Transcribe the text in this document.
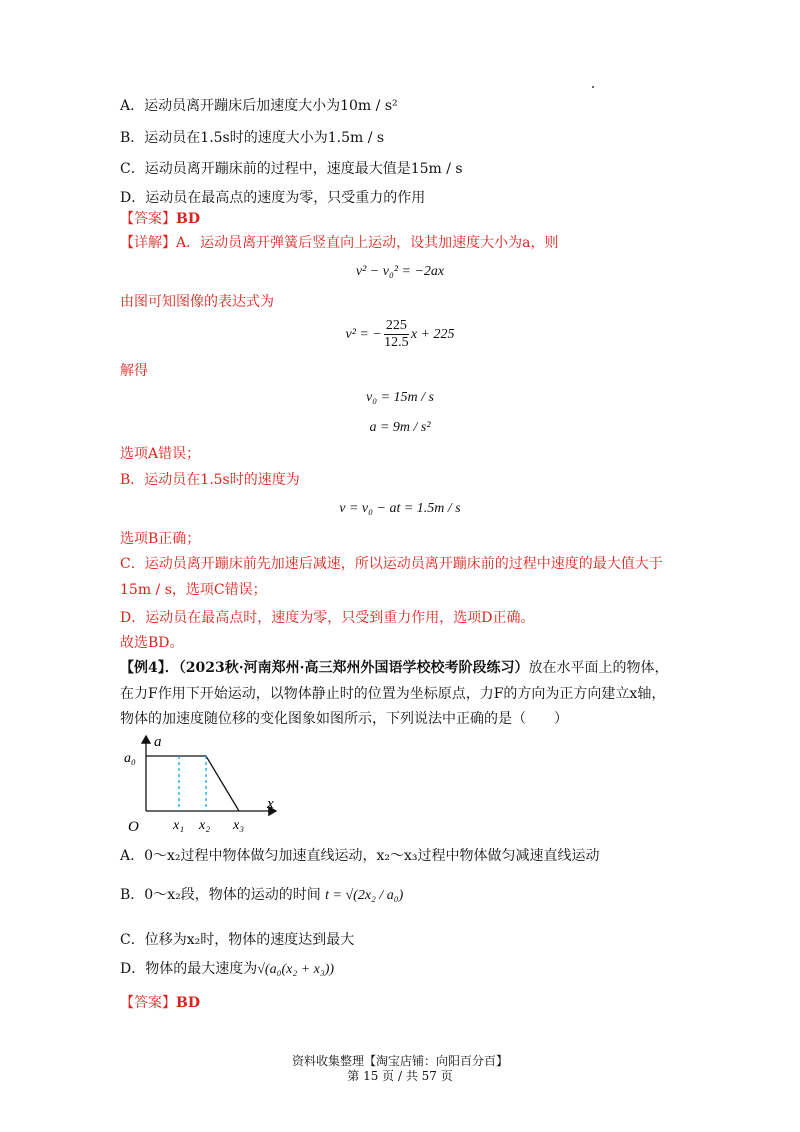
A．运动员离开蹦床后加速度大小为10m / s²
B．运动员在1.5s时的速度大小为1.5m / s
C．运动员离开蹦床前的过程中，速度最大值是15m / s
D．运动员在最高点的速度为零，只受重力的作用
【答案】BD
【详解】A．运动员离开弹簧后竖直向上运动，设其加速度大小为a，则
v² − v₀² = −2ax
由图可知图像的表达式为
v² = − $\frac{225}{12.5}$ x + 225
解得
v₀ = 15m / s
a = 9m / s²
选项A错误；
B．运动员在1.5s时的速度为
v = v₀ − at = 1.5m / s
选项B正确；
C．运动员离开蹦床前先加速后减速，所以运动员离开蹦床前的过程中速度的最大值大于
15m / s，选项C错误；
D．运动员在最高点时，速度为零，只受到重力作用，选项D正确。
故选BD。
【例4】．（2023秋·河南郑州·高三郑州外国语学校校考阶段练习）放在水平面上的物体，
在力F作用下开始运动，以物体静止时的位置为坐标原点，力F的方向为正方向建立x轴，
物体的加速度随位移的变化图象如图所示，下列说法中正确的是（　　）
a
x
O
a₀
x₁ x₂ x₃
A．0～x₂过程中物体做匀加速直线运动，x₂～x₃过程中物体做匀减速直线运动
B．0～x₂段，物体的运动的时间 t = √(2x₂ / a₀)
C．位移为x₂时，物体的速度达到最大
D．物体的最大速度为√(a₀(x₂ + x₃))
【答案】BD
资料收集整理【淘宝店铺：向阳百分百】
第 15 页 / 共 57 页
